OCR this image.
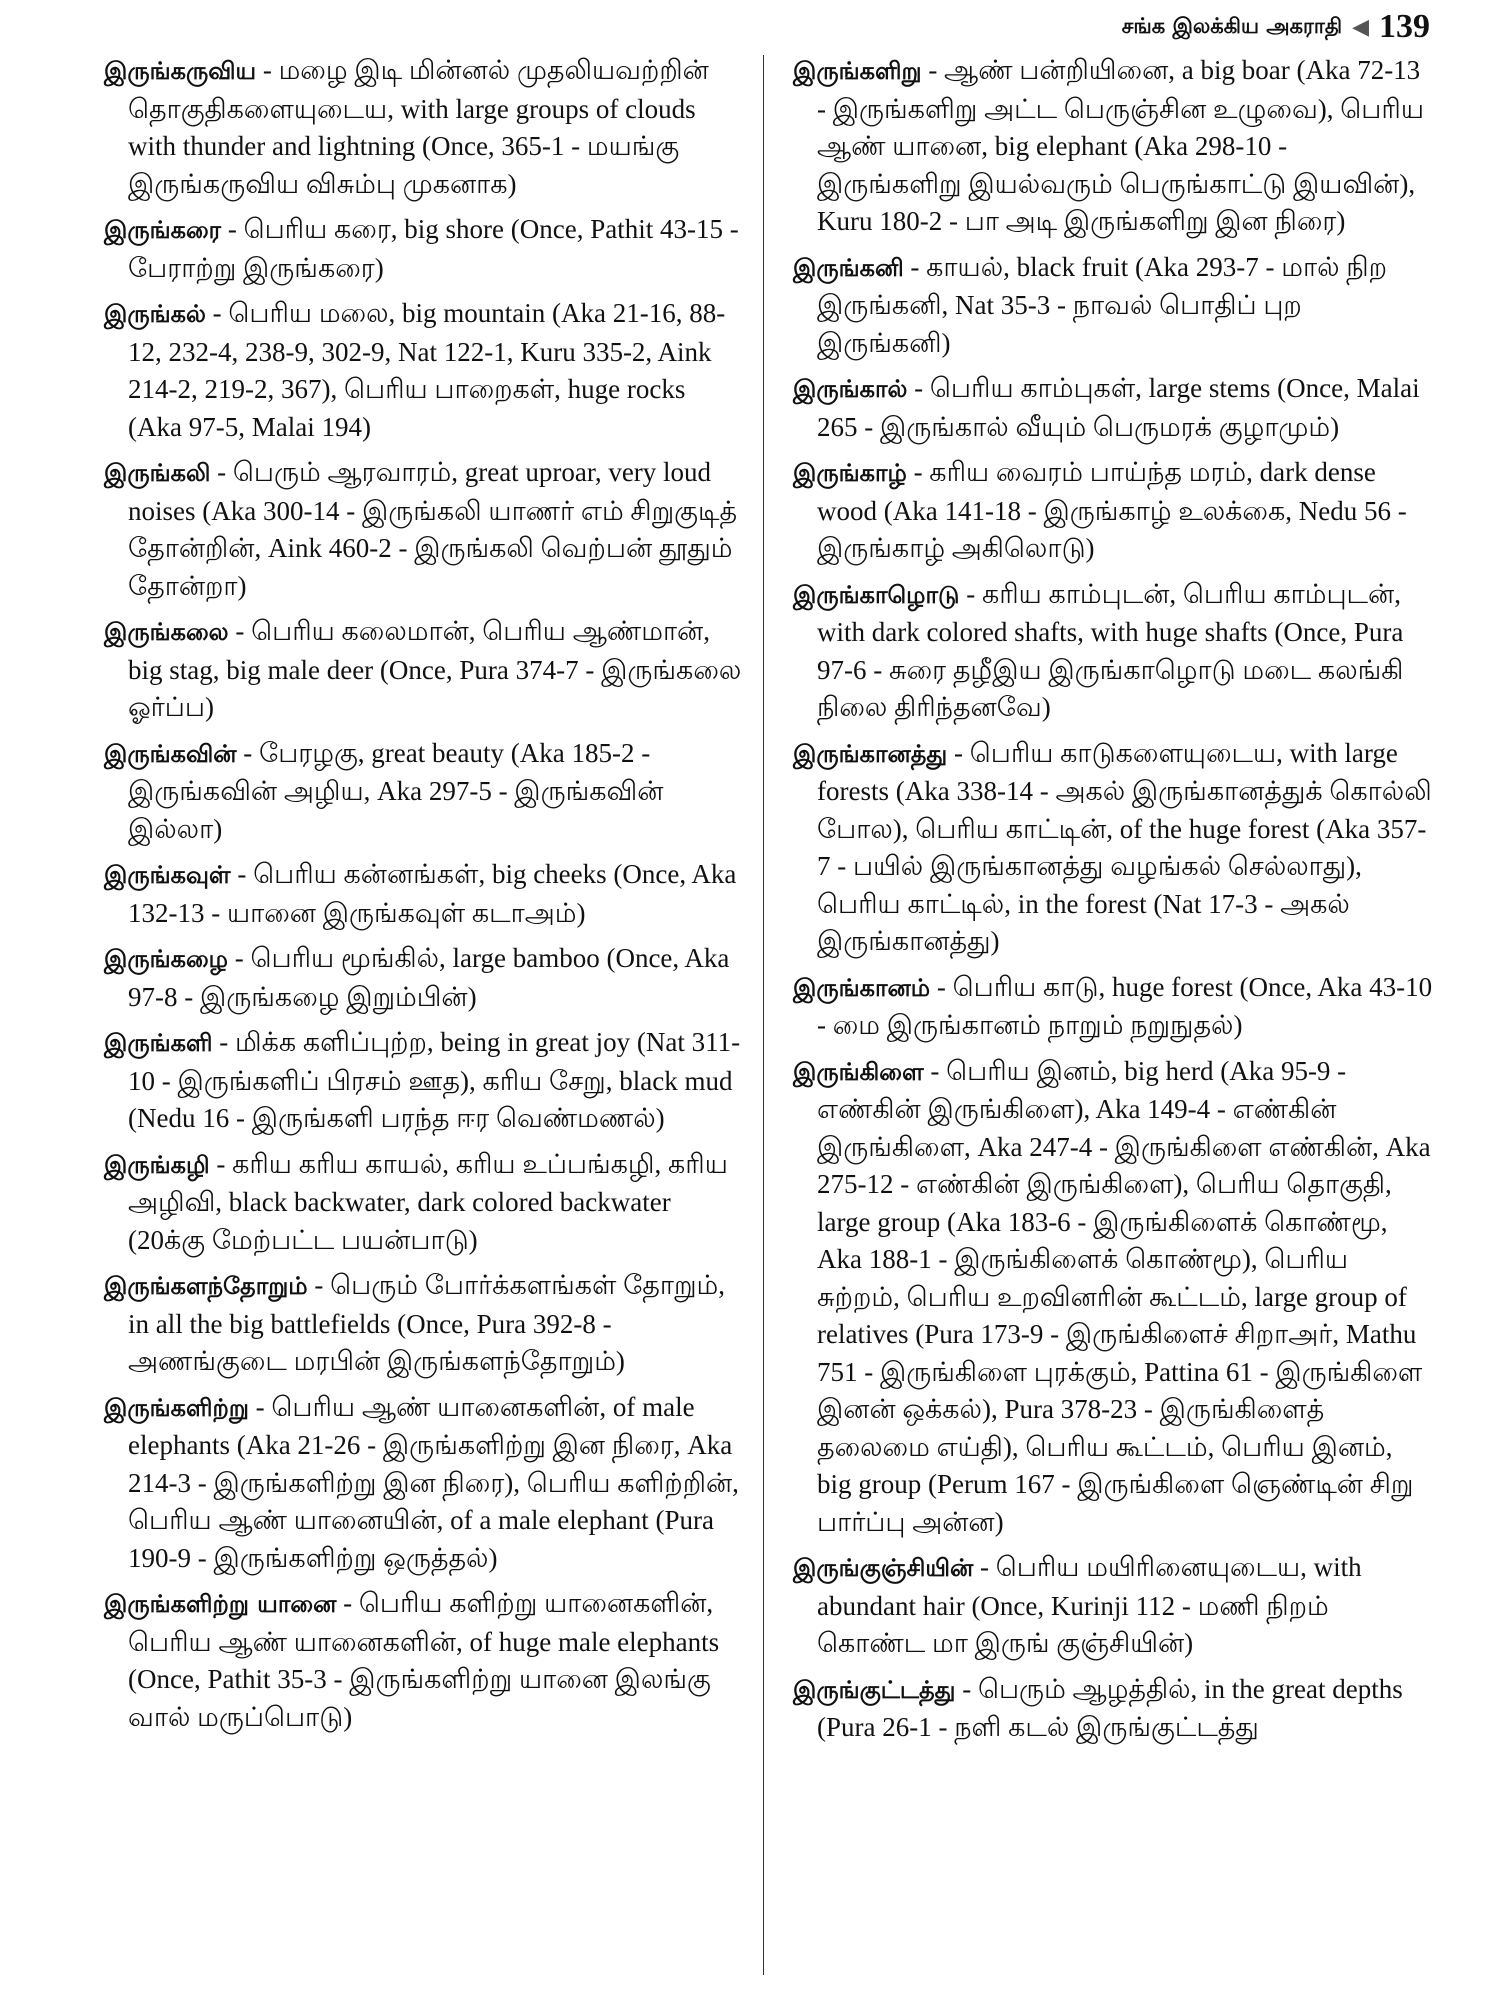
சங்க இலக்கிய அகராதி ◀ 139
இருங்கருவிய - மழை இடி மின்னல் முதலியவற்றின் தொகுதிகளையுடைய, with large groups of clouds with thunder and lightning (Once, 365-1 - மயங்கு இருங்கருவிய விசும்பு முகனாக)
இருங்கரை - பெரிய கரை, big shore (Once, Pathit 43-15 - பேராற்று இருங்கரை)
இருங்கல் - பெரிய மலை, big mountain (Aka 21-16, 88-12, 232-4, 238-9, 302-9, Nat 122-1, Kuru 335-2, Aink 214-2, 219-2, 367), பெரிய பாறைகள், huge rocks (Aka 97-5, Malai 194)
இருங்கலி - பெரும் ஆரவாரம், great uproar, very loud noises (Aka 300-14 - இருங்கலி யாணர் எம் சிறுகுடித் தோன்றின், Aink 460-2 - இருங்கலி வெற்பன் தூதும் தோன்றா)
இருங்கலை - பெரிய கலைமான், பெரிய ஆண்மான், big stag, big male deer (Once, Pura 374-7 - இருங்கலை ஓர்ப்ப)
இருங்கவின் - பேரழகு, great beauty (Aka 185-2 - இருங்கவின் அழிய, Aka 297-5 - இருங்கவின் இல்லா)
இருங்கவுள் - பெரிய கன்னங்கள், big cheeks (Once, Aka 132-13 - யானை இருங்கவுள் கடாஅம்)
இருங்கழை - பெரிய மூங்கில், large bamboo (Once, Aka 97-8 - இருங்கழை இறும்பின்)
இருங்களி - மிக்க களிப்புற்ற, being in great joy (Nat 311-10 - இருங்களிப் பிரசம் ஊத), கரிய சேறு, black mud (Nedu 16 - இருங்களி பரந்த ஈர வெண்மணல்)
இருங்கழி - கரிய கரிய காயல், கரிய உப்பங்கழி, கரிய அழிவி, black backwater, dark colored backwater (20க்கு மேற்பட்ட பயன்பாடு)
இருங்களந்தோறும் - பெரும் போர்க்களங்கள் தோறும், in all the big battlefields (Once, Pura 392-8 - அணங்குடை மரபின் இருங்களந்தோறும்)
இருங்களிற்று - பெரிய ஆண் யானைகளின், of male elephants (Aka 21-26 - இருங்களிற்று இன நிரை, Aka 214-3 - இருங்களிற்று இன நிரை), பெரிய களிற்றின், பெரிய ஆண் யானையின், of a male elephant (Pura 190-9 - இருங்களிற்று ஒருத்தல்)
இருங்களிற்று யானை - பெரிய களிற்று யானைகளின், பெரிய ஆண் யானைகளின், of huge male elephants (Once, Pathit 35-3 - இருங்களிற்று யானை இலங்கு வால் மருப்பொடு)
இருங்களிறு - ஆண் பன்றியினை, a big boar (Aka 72-13 - இருங்களிறு அட்ட பெருஞ்சின உழுவை), பெரிய ஆண் யானை, big elephant (Aka 298-10 - இருங்களிறு இயல்வரும் பெருங்காட்டு இயவின்), Kuru 180-2 - பா அடி இருங்களிறு இன நிரை)
இருங்கனி - காயல், black fruit (Aka 293-7 - மால் நிற இருங்கனி, Nat 35-3 - நாவல் பொதிப் புற இருங்கனி)
இருங்கால் - பெரிய காம்புகள், large stems (Once, Malai 265 - இருங்கால் வீயும் பெருமரக் குழாமும்)
இருங்காழ் - கரிய வைரம் பாய்ந்த மரம், dark dense wood (Aka 141-18 - இருங்காழ் உலக்கை, Nedu 56 - இருங்காழ் அகிலொடு)
இருங்காழொடு - கரிய காம்புடன், பெரிய காம்புடன், with dark colored shafts, with huge shafts (Once, Pura 97-6 - சுரை தழீஇய இருங்காழொடு மடை கலங்கி நிலை திரிந்தனவே)
இருங்கானத்து - பெரிய காடுகளையுடைய, with large forests (Aka 338-14 - அகல் இருங்கானத்துக் கொல்லி போல), பெரிய காட்டின், of the huge forest (Aka 357-7 - பயில் இருங்கானத்து வழங்கல் செல்லாது), பெரிய காட்டில், in the forest (Nat 17-3 - அகல் இருங்கானத்து)
இருங்கானம் - பெரிய காடு, huge forest (Once, Aka 43-10 - மை இருங்கானம் நாறும் நறுநுதல்)
இருங்கிளை - பெரிய இனம், big herd (Aka 95-9 - எண்கின் இருங்கிளை), Aka 149-4 - எண்கின் இருங்கிளை, Aka 247-4 - இருங்கிளை எண்கின், Aka 275-12 - எண்கின் இருங்கிளை), பெரிய தொகுதி, large group (Aka 183-6 - இருங்கிளைக் கொண்மூ, Aka 188-1 - இருங்கிளைக் கொண்மூ), பெரிய சுற்றம், பெரிய உறவினரின் கூட்டம், large group of relatives (Pura 173-9 - இருங்கிளைச் சிறாஅர், Mathu 751 - இருங்கிளை புரக்கும், Pattina 61 - இருங்கிளை இனன் ஒக்கல்), Pura 378-23 - இருங்கிளைத் தலைமை எய்தி), பெரிய கூட்டம், பெரிய இனம், big group (Perum 167 - இருங்கிளை ஞெண்டின் சிறு பார்ப்பு அன்ன)
இருங்குஞ்சியின் - பெரிய மயிரினையுடைய, with abundant hair (Once, Kurinji 112 - மணி நிறம் கொண்ட மா இருங் குஞ்சியின்)
இருங்குட்டத்து - பெரும் ஆழத்தில், in the great depths (Pura 26-1 - நளி கடல் இருங்குட்டத்து
